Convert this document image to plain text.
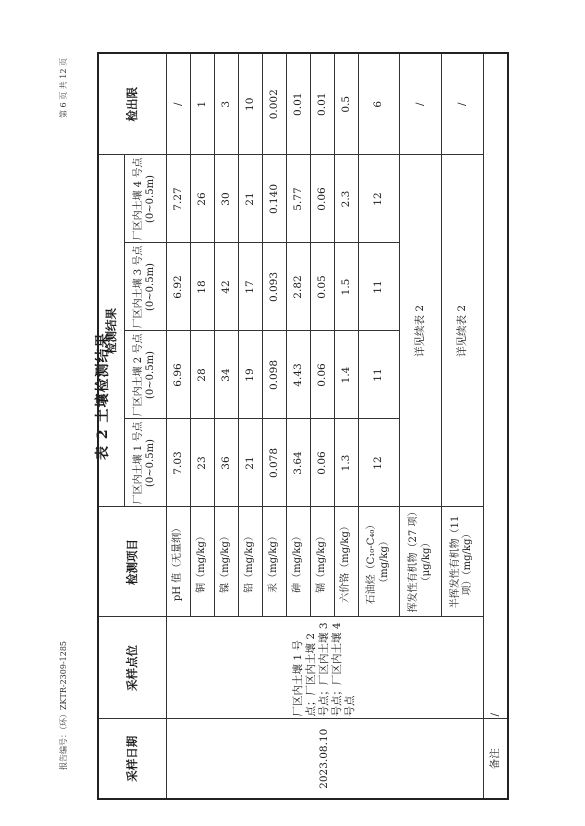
报告编号：（环）ZKTR-2309-1285
第 6 页 共 12 页
表 2 土壤检测结果
采样日期	采样点位	检测项目	检测结果				检出限
			厂区内土壤 1 号点(0~0.5m)	厂区内土壤 2 号点(0~0.5m)	厂区内土壤 3 号点(0~0.5m)	厂区内土壤 4 号点(0~0.5m)	
2023.08.10	厂区内土壤 1 号点；厂区内土壤 2 号点；厂区内土壤 3 号点；厂区内土壤 4 号点	pH 值（无量纲）	7.03	6.96	6.92	7.27	/
		铜（mg/kg）	23	28	18	26	1
		镍（mg/kg）	36	34	42	30	3
		铅（mg/kg）	21	19	17	21	10
		汞（mg/kg）	0.078	0.098	0.093	0.140	0.002
		砷（mg/kg）	3.64	4.43	2.82	5.77	0.01
		镉（mg/kg）	0.06	0.06	0.05	0.06	0.01
		六价铬（mg/kg）	1.3	1.4	1.5	2.3	0.5
		石油烃（C₁₀-C₄₀）（mg/kg）	12	11	11	12	6
		挥发性有机物（27 项）（μg/kg）	详见续表 2				/
		半挥发性有机物（11 项）（mg/kg）	详见续表 2				/
备注	/						
